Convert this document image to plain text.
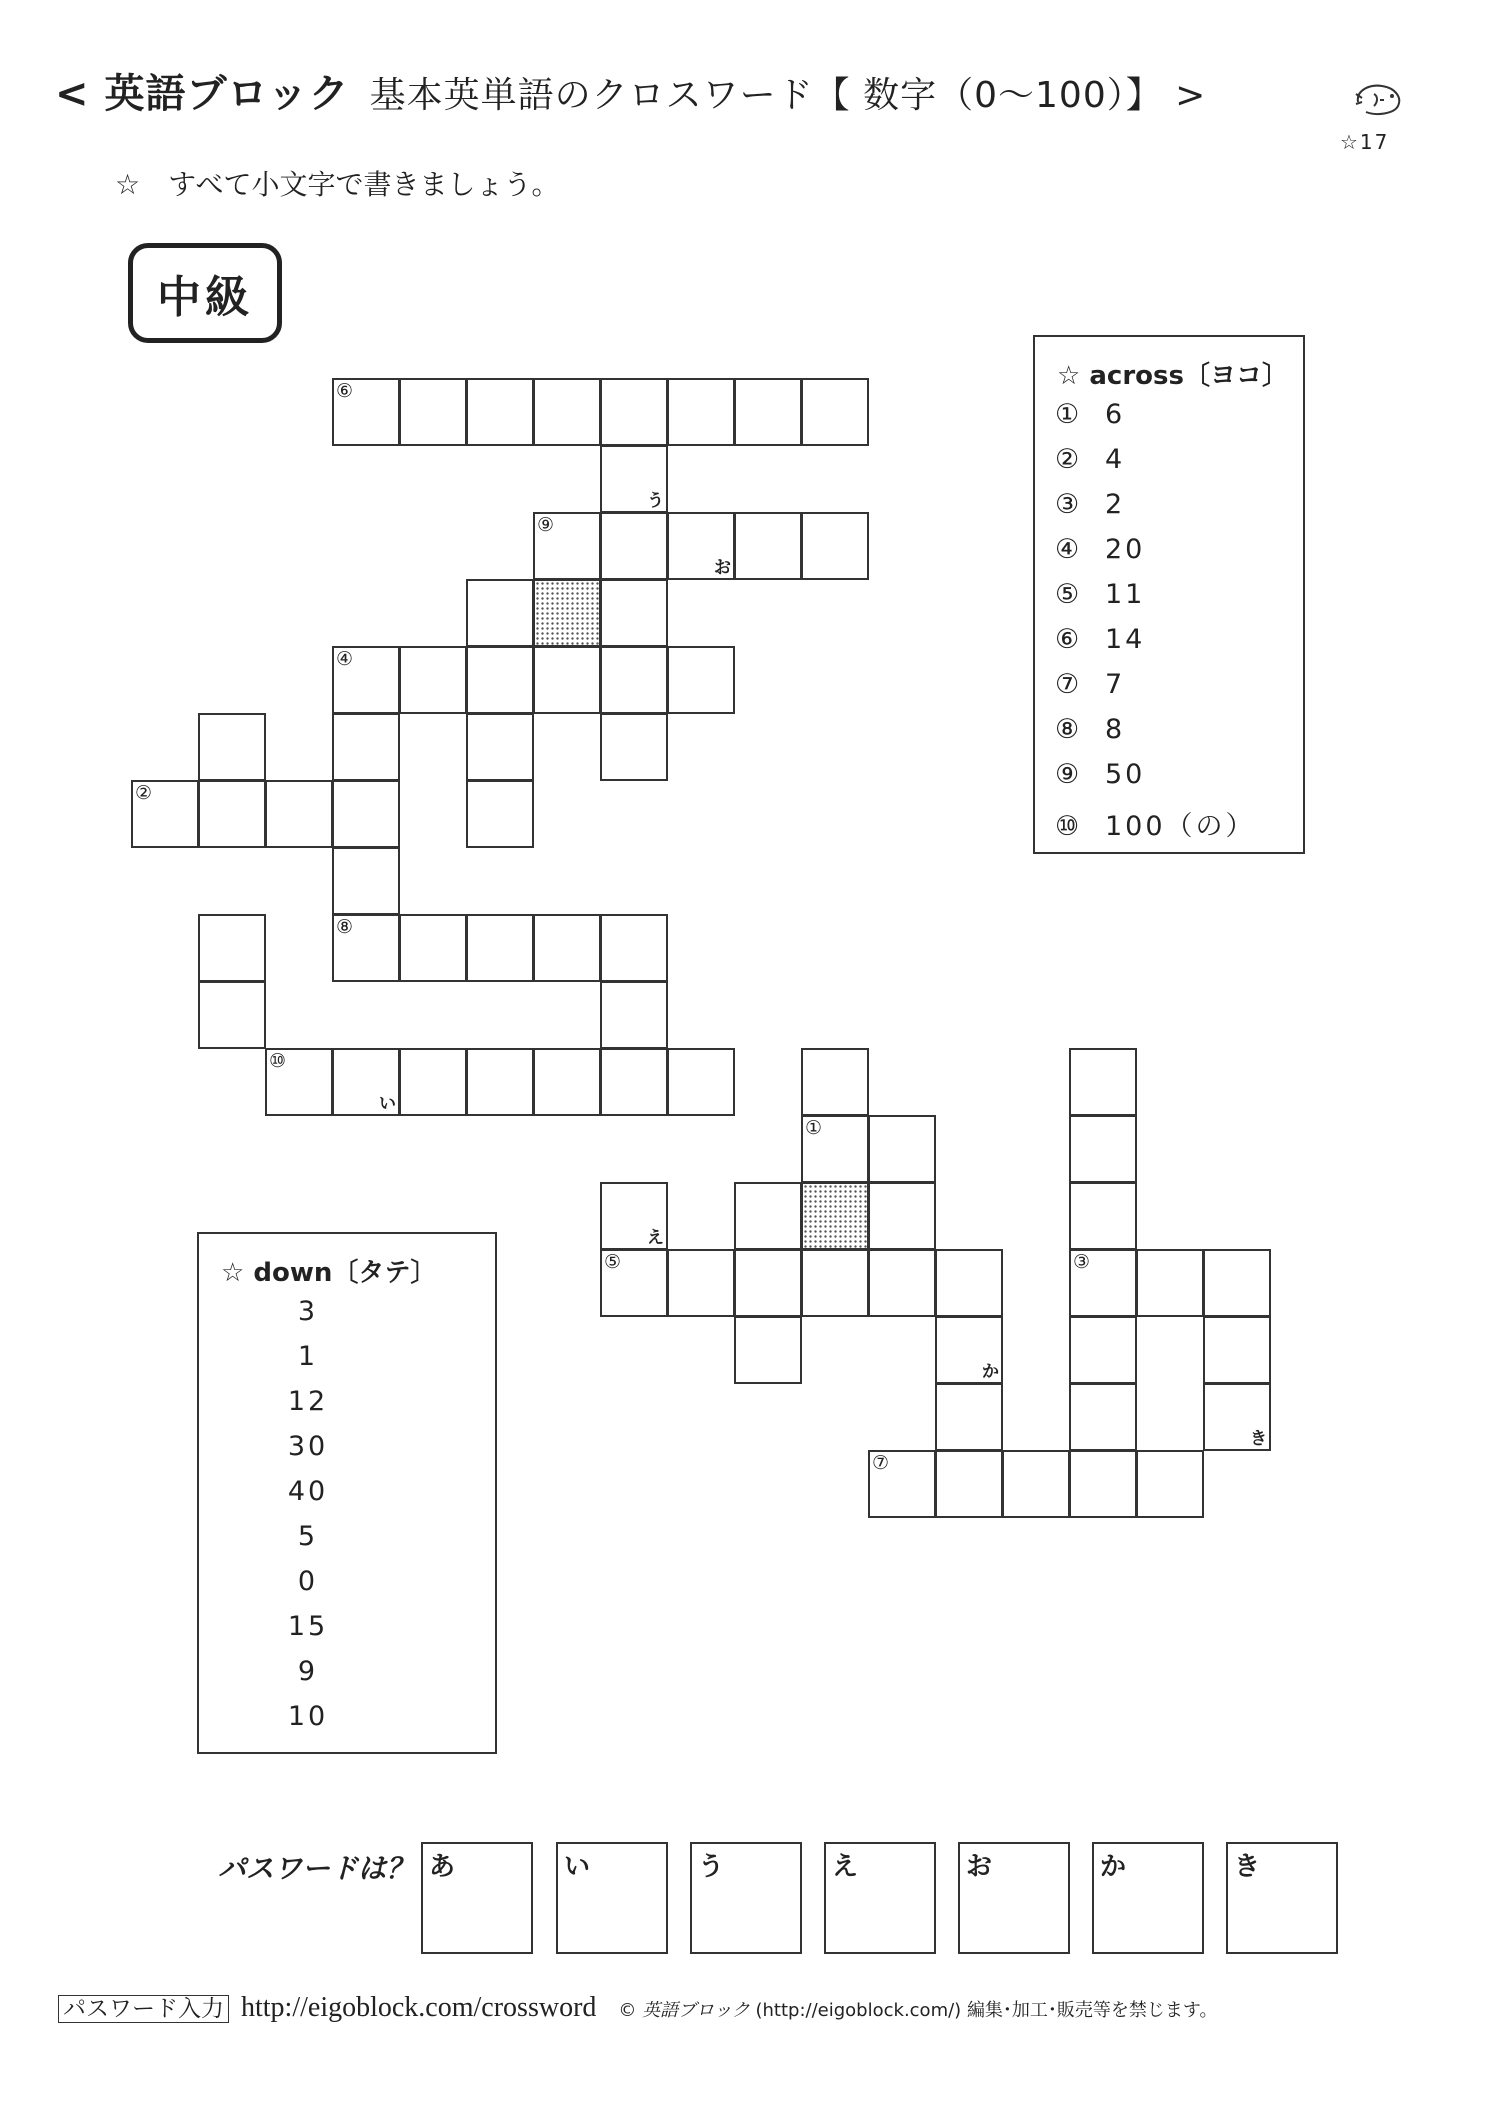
< 英語ブロック 基本英単語のクロスワード【 数字（0〜100）】 >
☆17
☆　すべて小文字で書きましょう。
中級
⑥
う
⑨
お
④
②
⑧
⑩
い
①
え
⑤	③
か
き
⑦
☆ across〔ヨコ〕
① 6
② 4
③ 2
④ 20
⑤ 11
⑥ 14
⑦ 7
⑧ 8
⑨ 50
⑩ 100（の）
☆ down〔タテ〕
3
1
12
30
40
5
0
15
9
10
パスワードは？ あ	い	う	え	お	か	き
パスワード入力 http://eigoblock.com/crossword © 英語ブロック (http://eigoblock.com/) 編集･加工･販売等を禁じます。
